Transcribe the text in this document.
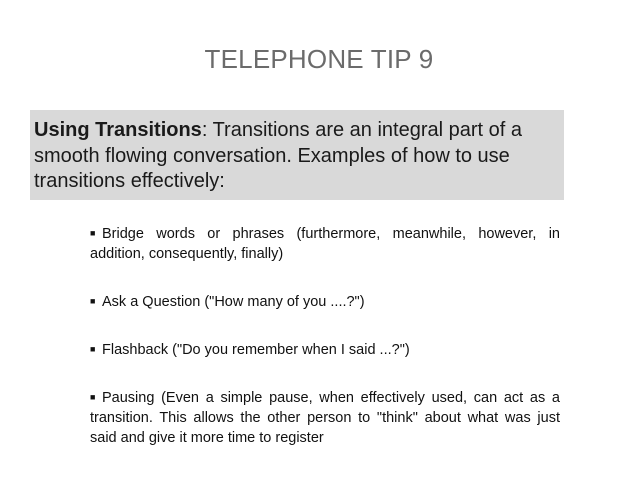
TELEPHONE TIP 9
Using Transitions: Transitions are an integral part of a smooth flowing conversation. Examples of how to use transitions effectively:
■ Bridge words or phrases (furthermore, meanwhile, however, in addition, consequently, finally)
■ Ask a Question ("How many of you ....?")
■ Flashback ("Do you remember when I said ...?")
■ Pausing (Even a simple pause, when effectively used, can act as a transition. This allows the other person to "think" about what was just said and give it more time to register
